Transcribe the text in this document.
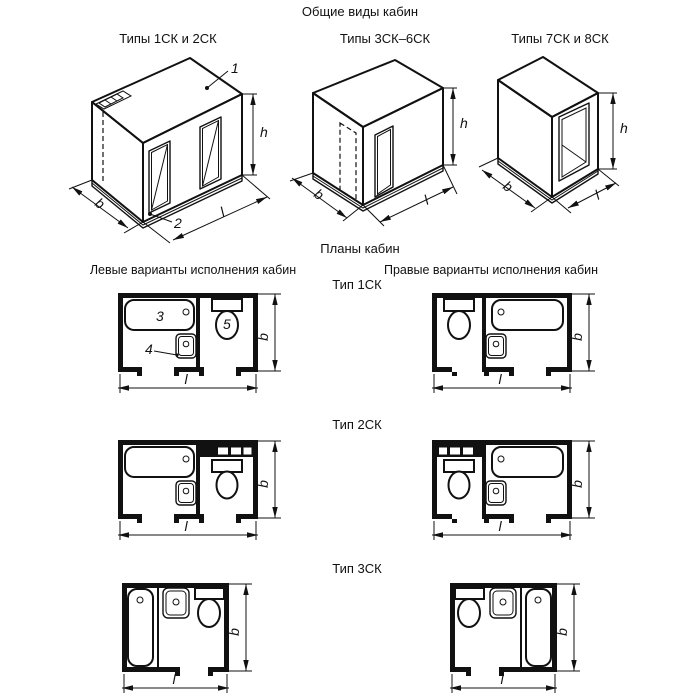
Общие виды кабин
Типы 1СК и 2СК	Типы 3СК–6СК	Типы 7СК и 8СК
Планы кабин
Левые варианты исполнения кабин	Правые варианты исполнения кабин
Тип 1СК
Тип 2СК
Тип 3СК
1
2
h
b	l
h
b	l
h
b	l
3
4
5
b
l
b
l
b
l
b
l
b
l
b
l
